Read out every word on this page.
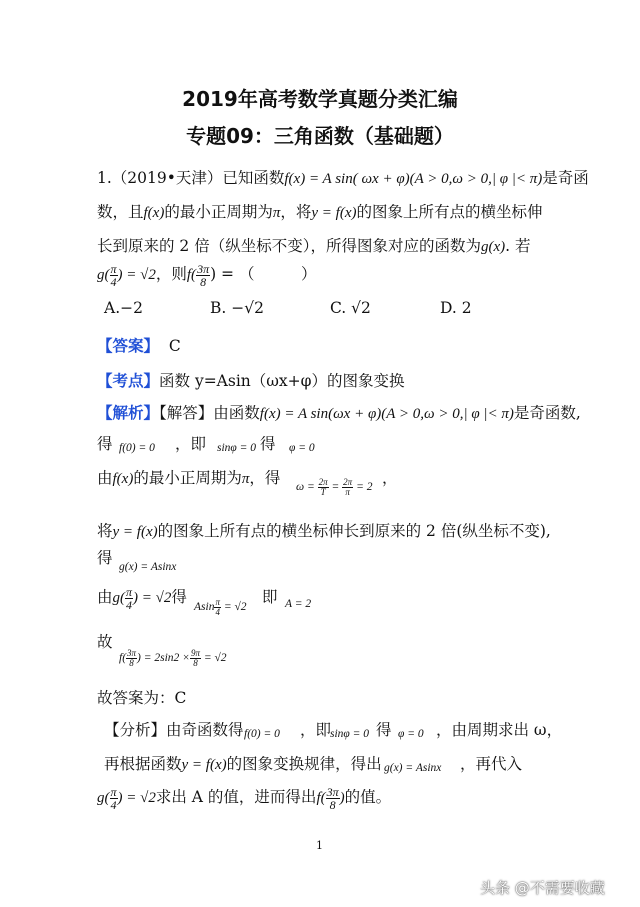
2019年高考数学真题分类汇编
专题09：三角函数（基础题）
1.（2019•天津）已知函数f(x) = A sin( ωx + φ)(A > 0,ω > 0,| φ |< π)是奇函
数，且f(x)的最小正周期为π，将y = f(x)的图象上所有点的横坐标伸
长到原来的 2 倍（纵坐标不变），所得图象对应的函数为g(x). 若
$g( \frac{\pi}{4}$ ) = √2，则$f( \frac{3\pi}{8}$ ) = （　　　）
A.−2	B. −√2	C. √2	D. 2
【答案】 C
【考点】函数 y=Asin（ωx+φ）的图象变换
【解析】【解答】由函数f(x) = A sin(ωx + φ)(A > 0,ω > 0,| φ |< π)是奇函数,
得 f(0) = 0 ，即 sinφ = 0 得 φ = 0
由f(x)的最小正周期为π，得
$\omega = \frac{2\pi}{T} = \frac{2\pi}{\pi} = 2$
，
将y = f(x)的图象上所有点的横坐标伸长到原来的 2 倍(纵坐标不变),
得 g(x) = Asinx
由$g( \frac{\pi}{4}$ ) = √2得
Asin $\frac{\pi}{4} = √2$
即 A = 2
故
$f( \frac{3\pi}{8}$ ) = $2\sin 2 \times \frac{9\pi}{8} = √2$
故答案为：C
【分析】由奇函数得 f(0) = 0 ，即
sinφ = 0 得 φ = 0 ，由周期求出 ω，
再根据函数y = f(x)的图象变换规律，得出 g(x) = Asinx ，再代入
$g( \frac{\pi}{4}$ ) = √2求出 A 的值，进而得出$f( \frac{3\pi}{8}$ )的值。
1
头条 @不需要收藏
